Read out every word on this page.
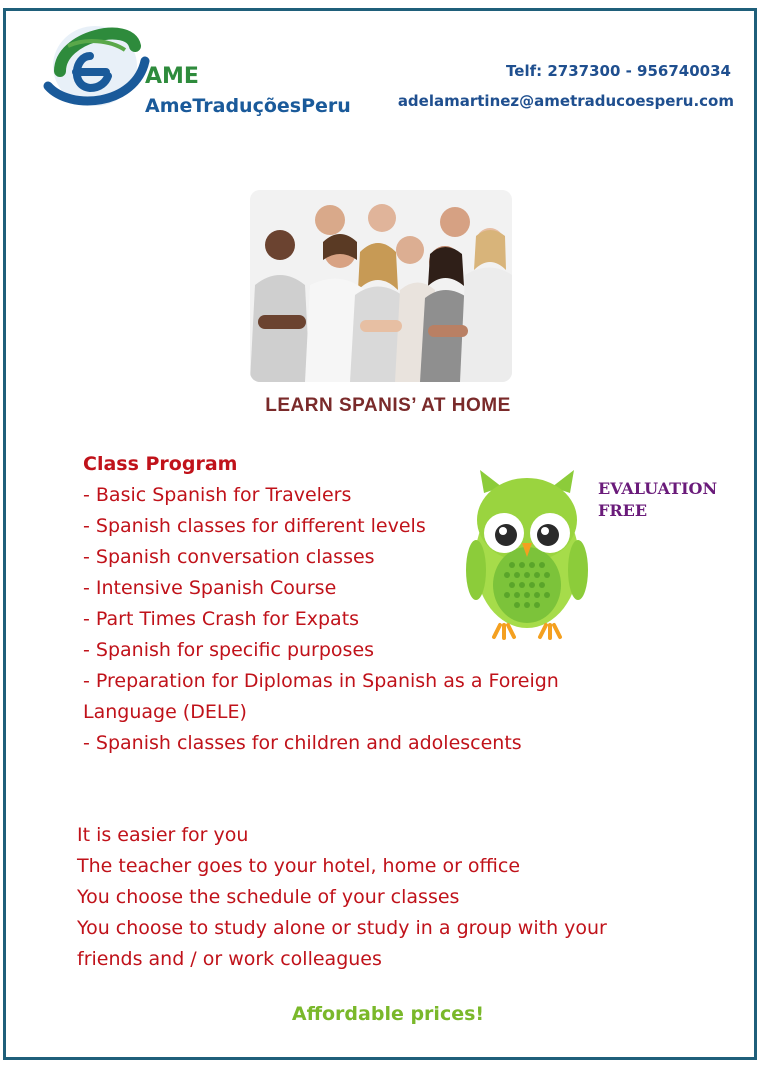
AME
AmeTraduçõesPeru
Telf: 2737300 - 956740034
adelamartinez@ametraducoesperu.com
LEARN SPANIS’ AT HOME
Class Program
- Basic Spanish for Travelers
- Spanish classes for different levels
- Spanish conversation classes
- Intensive Spanish Course
- Part Times Crash for Expats
- Spanish for specific purposes
- Preparation for Diplomas in Spanish as a Foreign Language (DELE)
- Spanish classes for children and adolescents
EVALUATION
FREE
It is easier for you
The teacher goes to your hotel, home or office
You choose the schedule of your classes
You choose to study alone or study in a group with your friends and / or work colleagues
Affordable prices!
